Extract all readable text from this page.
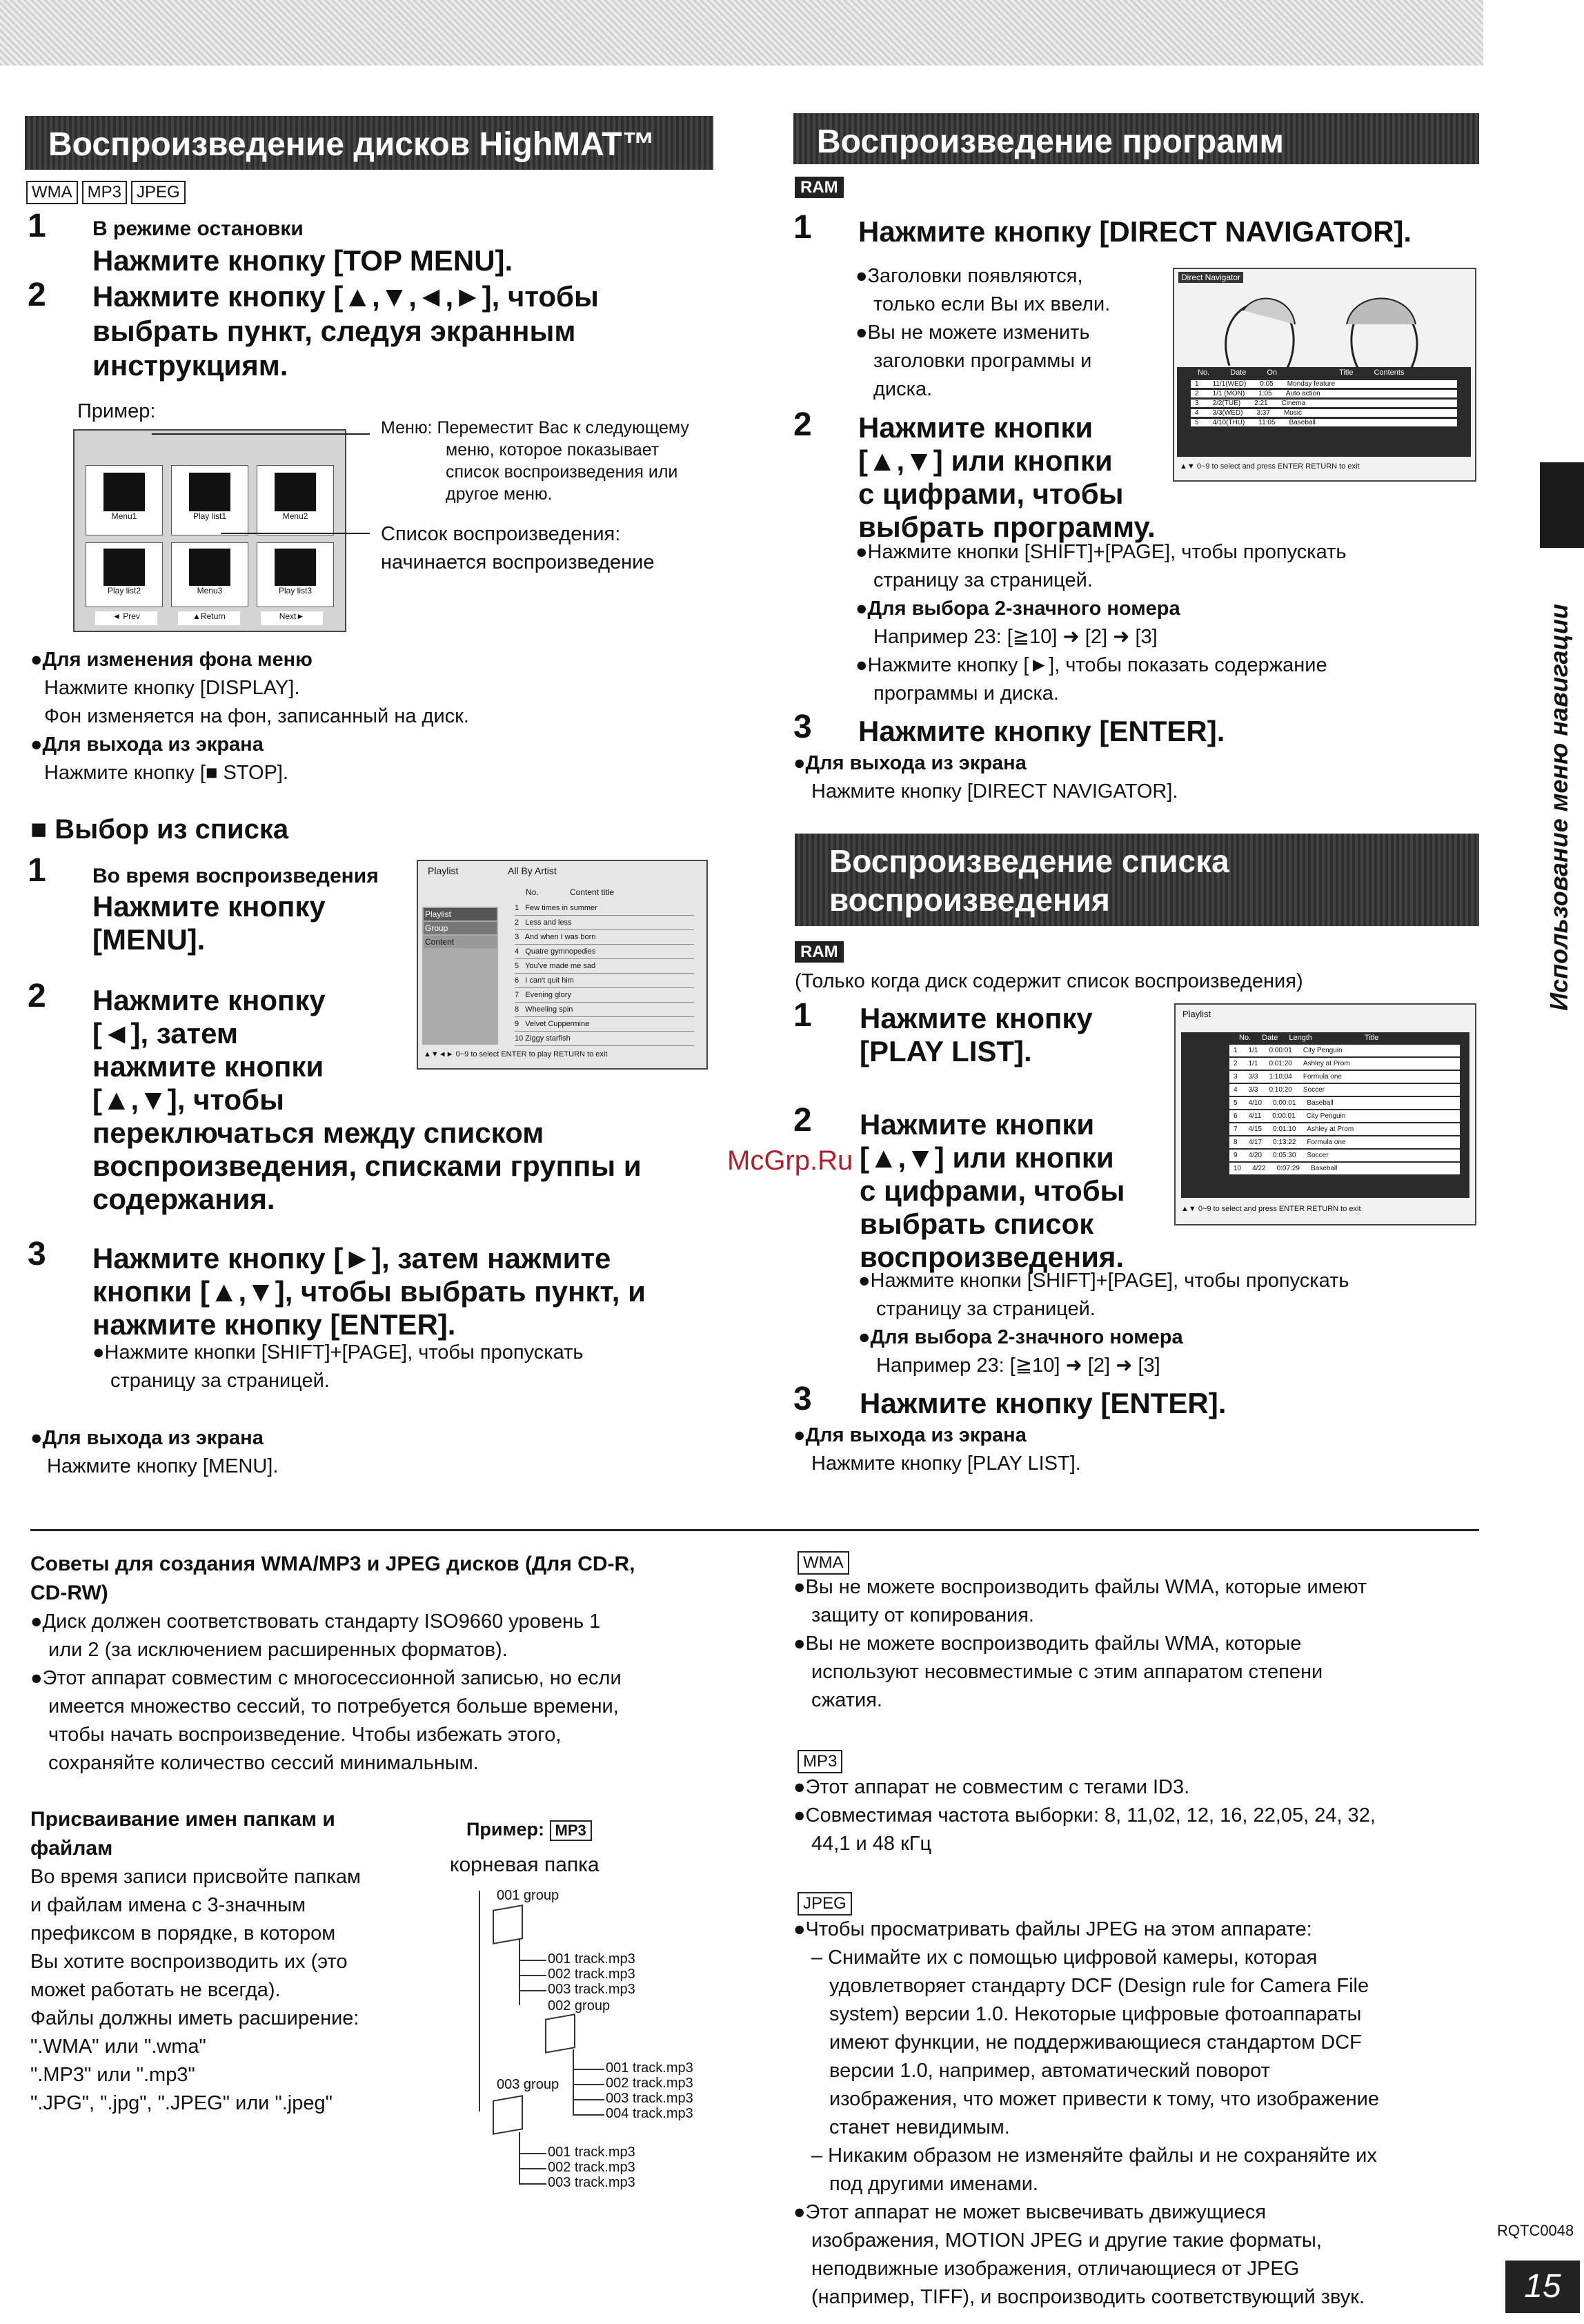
Воспроизведение дисков HighMAT™
WMA MP3 JPEG
1 В режиме остановки
Нажмите кнопку [TOP MENU].
2 Нажмите кнопку [▲,▼,◄,►], чтобы
выбрать пункт, следуя экранным
инструкциям.
Пример:
Menu1	Play list1	Menu2
Play list2	Menu3	Play list3
◄ Prev	▲Return	Next►
Меню: Переместит Вас к следующему
меню, которое показывает
список воспроизведения или
другое меню.
Список воспроизведения:
начинается воспроизведение
●Для изменения фона меню
Нажмите кнопку [DISPLAY].
Фон изменяется на фон, записанный на диск.
●Для выхода из экрана
Нажмите кнопку [■ STOP].
■ Выбор из списка
1 Во время воспроизведения
Нажмите кнопку
[MENU].
Playlist	All By Artist
Playlist
Group
Content
No.	Content title
1   Few times in summer
2   Less and less
3   And when I was born
4   Quatre gymnopedies
5   You've made me sad
6   I can't quit him
7   Evening glory
8   Wheeling spin
9   Velvet Cuppermine
10 Ziggy starfish
▲▼◄► 0~9 to select ENTER to play RETURN to exit
2 Нажмите кнопку
[◄], затем
нажмите кнопки
[▲,▼], чтобы
переключаться между списком
воспроизведения, списками группы и
содержания.
3 Нажмите кнопку [►], затем нажмите
кнопки [▲,▼], чтобы выбрать пункт, и
нажмите кнопку [ENTER].
●Нажмите кнопки [SHIFT]+[PAGE], чтобы пропускать
страницу за страницей.
●Для выхода из экрана
Нажмите кнопку [MENU].
Воспроизведение программ
RAM
1 Нажмите кнопку [DIRECT NAVIGATOR].
●Заголовки появляются,
только если Вы их ввели.
●Вы не можете изменить
заголовки программы и
диска.
Direct Navigator
No.	Date	On	Title	Contents
1 11/1(WED) 0:05 Monday feature
2 1/1 (MON) 1:05 Auto action
3 2/2(TUE) 2:21 Cinema
4 3/3(WED) 3:37 Music
5 4/10(THU) 11:05 Baseball
▲▼ 0~9 to select and press ENTER RETURN to exit
2 Нажмите кнопки
[▲,▼] или кнопки
с цифрами, чтобы
выбрать программу.
●Нажмите кнопки [SHIFT]+[PAGE], чтобы пропускать
страницу за страницей.
●Для выбора 2-значного номера
Например 23: [≧10] ➜ [2] ➜ [3]
●Нажмите кнопку [►], чтобы показать содержание
программы и диска.
3 Нажмите кнопку [ENTER].
●Для выхода из экрана
Нажмите кнопку [DIRECT NAVIGATOR].
Воспроизведение списка
воспроизведения
RAM
(Только когда диск содержит список воспроизведения)
1 Нажмите кнопку
[PLAY LIST].
Playlist
No. Date Length	Title
1 1/1 0:00:01 City Penguin
2 1/1 0:01:20 Ashley at Prom
3 3/3 1:10:04 Formula one
4 3/3 0:10:20 Soccer
5 4/10 0:00:01 Baseball
6 4/11 0:00:01 City Penguin
7 4/15 0:01:10 Ashley at Prom
8 4/17 0:13:22 Formula one
9 4/20 0:05:30 Soccer
10 4/22 0:07:29 Baseball
▲▼ 0~9 to select and press ENTER RETURN to exit
2 Нажмите кнопки
[▲,▼] или кнопки
с цифрами, чтобы
выбрать список
воспроизведения.
McGrp.Ru
●Нажмите кнопки [SHIFT]+[PAGE], чтобы пропускать
страницу за страницей.
●Для выбора 2-значного номера
Например 23: [≧10] ➜ [2] ➜ [3]
3 Нажмите кнопку [ENTER].
●Для выхода из экрана
Нажмите кнопку [PLAY LIST].
Использование меню навигации
Советы для создания WMA/MP3 и JPEG дисков (Для CD-R,
CD-RW)
●Диск должен соответствовать стандарту ISO9660 уровень 1
или 2 (за исключением расширенных форматов).
●Этот аппарат совместим с многосессионной записью, но если
имеется множество сессий, то потребуется больше времени,
чтобы начать воспроизведение. Чтобы избежать этого,
сохраняйте количество сессий минимальным.
Присваивание имен папкам и
файлам
Во время записи присвойте папкам
и файлам имена с 3-значным
префиксом в порядке, в котором
Вы хотите воспроизводить их (это
можеt работать не всегда).
Файлы должны иметь расширение:
".WMA" или ".wma"
".MP3" или ".mp3"
".JPG", ".jpg", ".JPEG" или ".jpeg"
Пример: MP3
корневая папка
001 group
001 track.mp3
002 track.mp3
003 track.mp3
002 group
001 track.mp3
002 track.mp3
003 track.mp3
004 track.mp3
003 group
001 track.mp3
002 track.mp3
003 track.mp3
WMA
●Вы не можете воспроизводить файлы WMA, которые имеют
защиту от копирования.
●Вы не можете воспроизводить файлы WMA, которые
используют несовместимые с этим аппаратом степени
сжатия.
MP3
●Этот аппарат не совместим с тегами ID3.
●Совместимая частота выборки: 8, 11,02, 12, 16, 22,05, 24, 32,
44,1 и 48 кГц
JPEG
●Чтобы просматривать файлы JPEG на этом аппарате:
– Снимайте их с помощью цифровой камеры, которая
удовлетворяет стандарту DCF (Design rule for Camera File
system) версии 1.0. Некоторые цифровые фотоаппараты
имеют функции, не поддерживающиеся стандартом DCF
версии 1.0, например, автоматический поворот
изображения, что может привести к тому, что изображение
станет невидимым.
– Никаким образом не изменяйте файлы и не сохраняйте их
под другими именами.
●Этот аппарат не может высвечивать движущиеся
изображения, MOTION JPEG и другие такие форматы,
неподвижные изображения, отличающиеся от JPEG
(например, TIFF), и воспроизводить соответствующий звук.
RQTC0048
15
